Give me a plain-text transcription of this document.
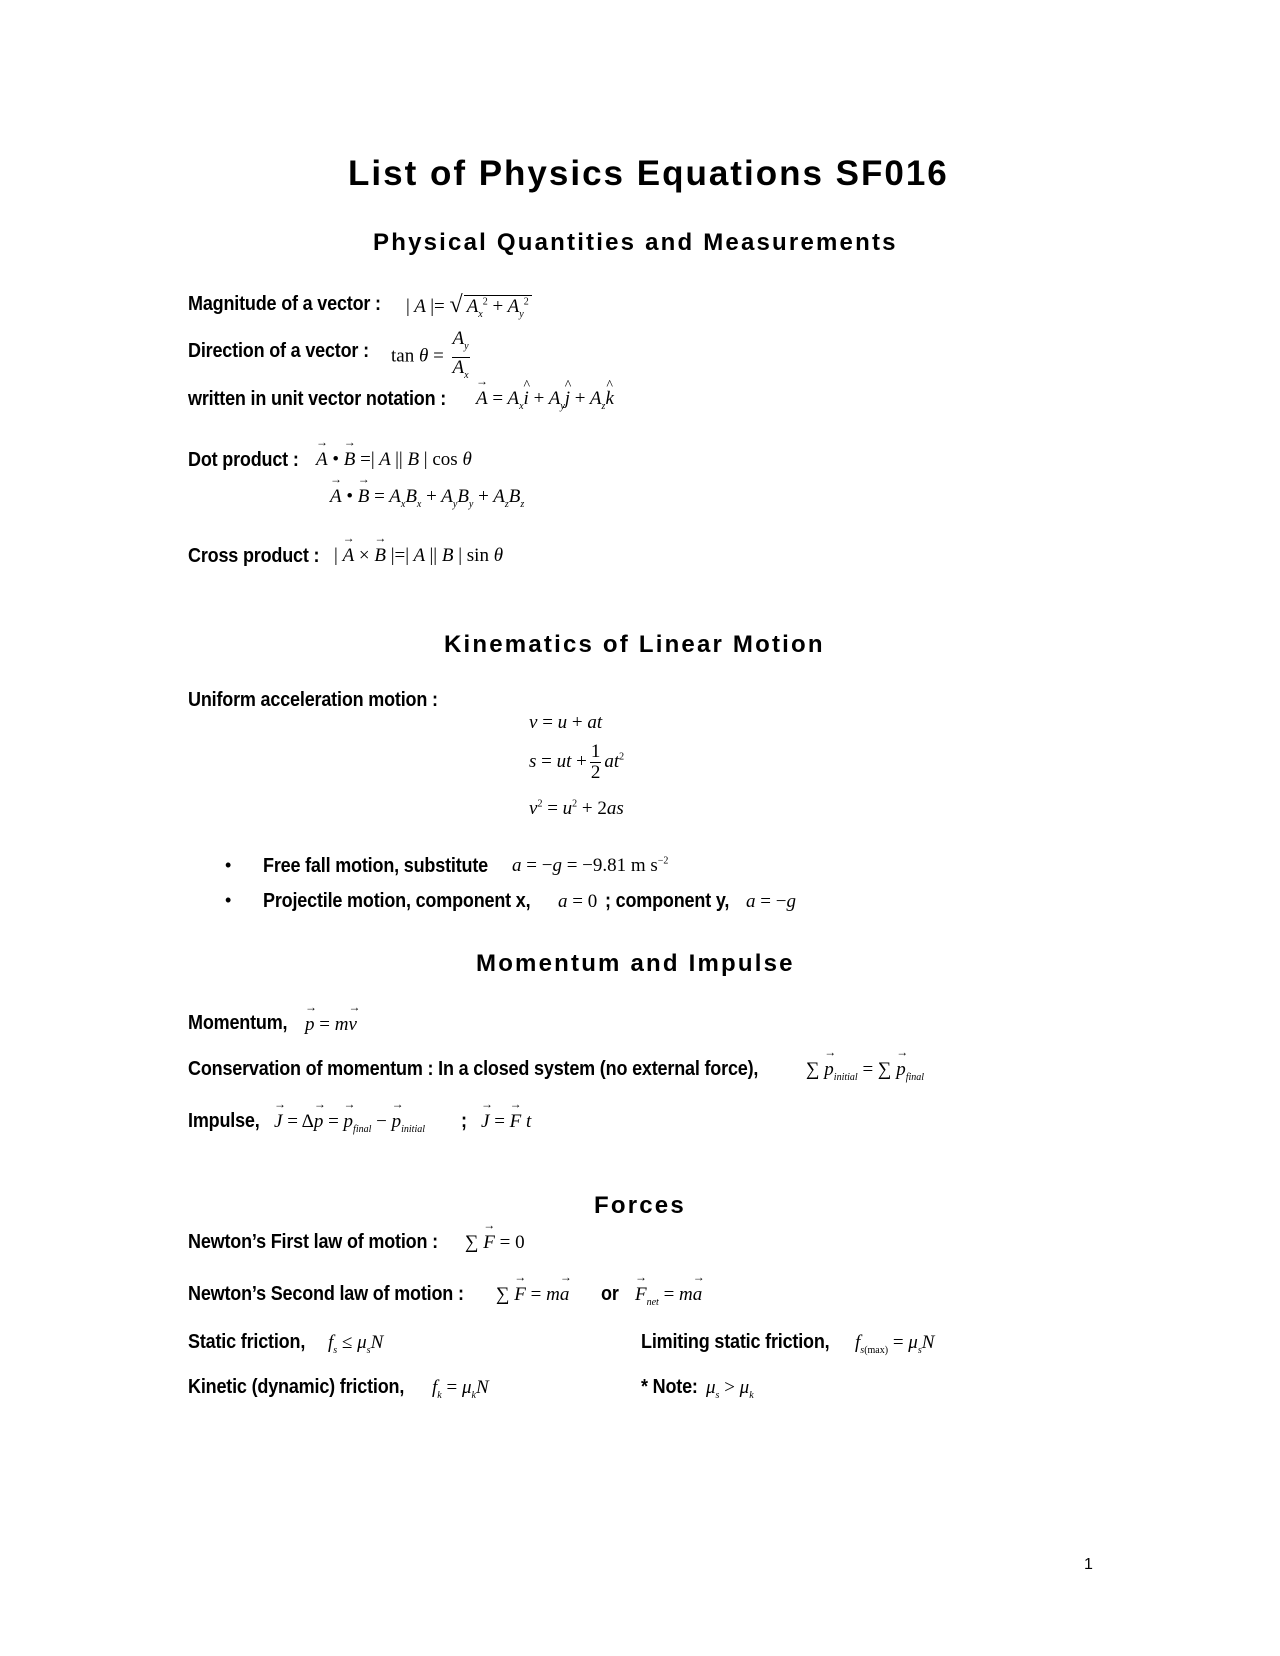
List of Physics Equations SF016
Physical Quantities and Measurements
Magnitude of a vector : | A |= √ $A_x^2 + A_y^2$
Direction of a vector : $\tan \theta = \frac{A_y}{A_x}$
written in unit vector notation : → $A = A_x\^{}$ $i + A_y\^{}$ $j + A_z\^{}$ k
Dot product : → A • → B =| A || B | cos θ
→ A • → $B = A_xB_x + A_yB_y + A_zB_z$
Cross product : | → A × → B |=| A || B | sin θ
Kinematics of Linear Motion
Uniform acceleration motion :
v = u + at
s = ut + $\frac{1}{2} at^2$
$v^2 = u^2 + 2as$
• Free fall motion, substitute a = −g = −9.81 m $s^{-2}$
• Projectile motion, component x, a = 0 ; component y, a = −g
Momentum and Impulse
Momentum, → p = m→ v
Conservation of momentum : In a closed system (no external force),	∑ → $p_{initial}$ = ∑ → $p_{final}$
Impulse, → J = Δ→ p = → $p_{final}$ − → $p_{initial}$ ; → J = → F t
Forces
Newton’s First law of motion : ∑ → F = 0
Newton’s Second law of motion : ∑ → F = m→ a or → $F_{net} = m\to a$
Static friction, $f_s \le \mu_sN$	Limiting static friction, $f_{s(max)} = \mu_sN$
Kinetic (dynamic) friction, $f_k = \mu_kN$	* Note: $\mu_s > \mu_k$
1
